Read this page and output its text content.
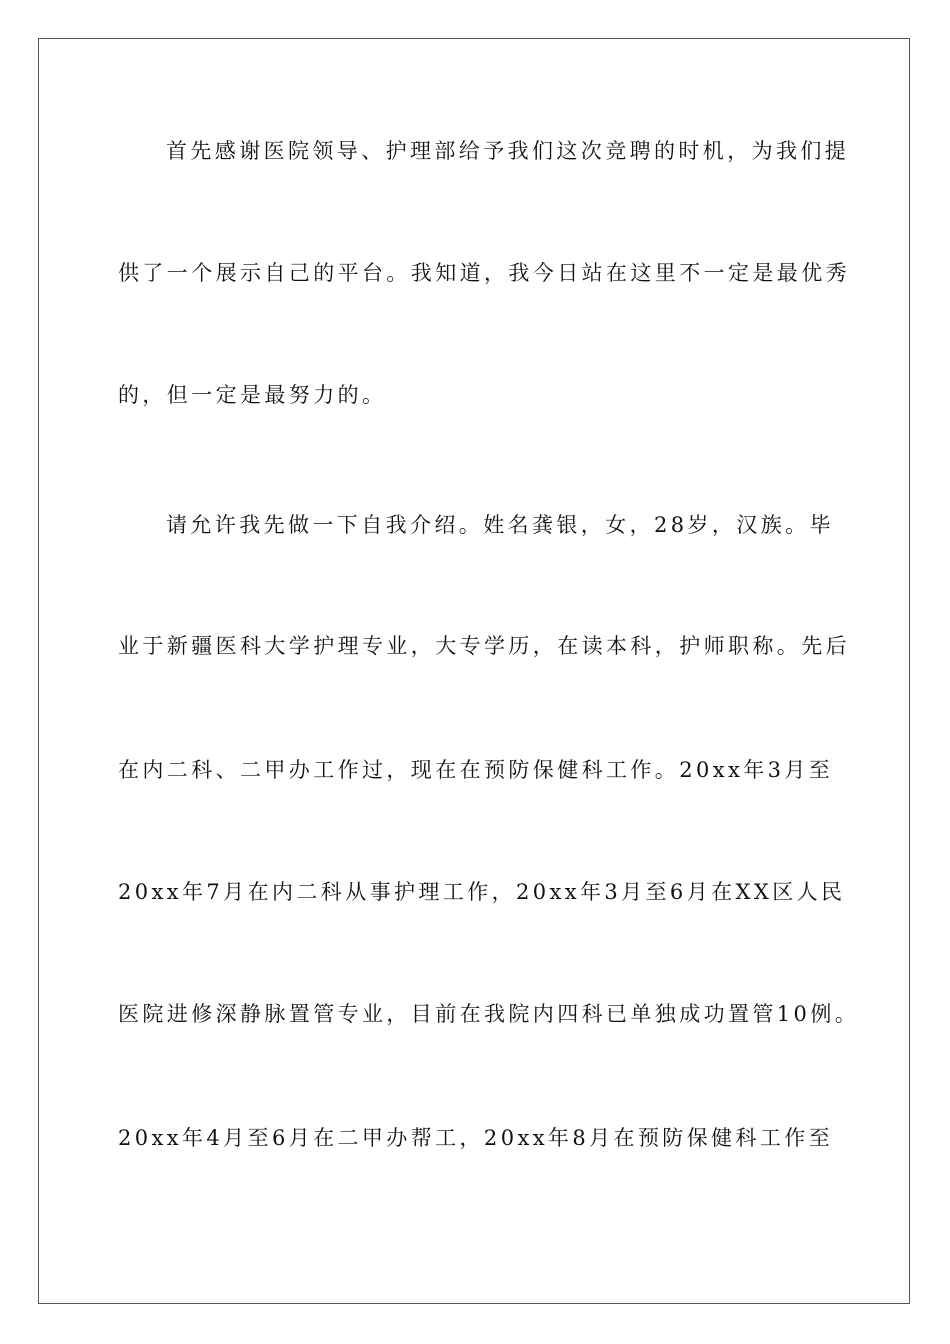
首先感谢医院领导、护理部给予我们这次竞聘的时机，为我们提
供了一个展示自己的平台。我知道，我今日站在这里不一定是最优秀
的，但一定是最努力的。
请允许我先做一下自我介绍。姓名龚银，女，28岁，汉族。毕
业于新疆医科大学护理专业，大专学历，在读本科，护师职称。先后
在内二科、二甲办工作过，现在在预防保健科工作。20xx年3月至
20xx年7月在内二科从事护理工作，20xx年3月至6月在XX区人民
医院进修深静脉置管专业，目前在我院内四科已单独成功置管10例。
20xx年4月至6月在二甲办帮工，20xx年8月在预防保健科工作至
